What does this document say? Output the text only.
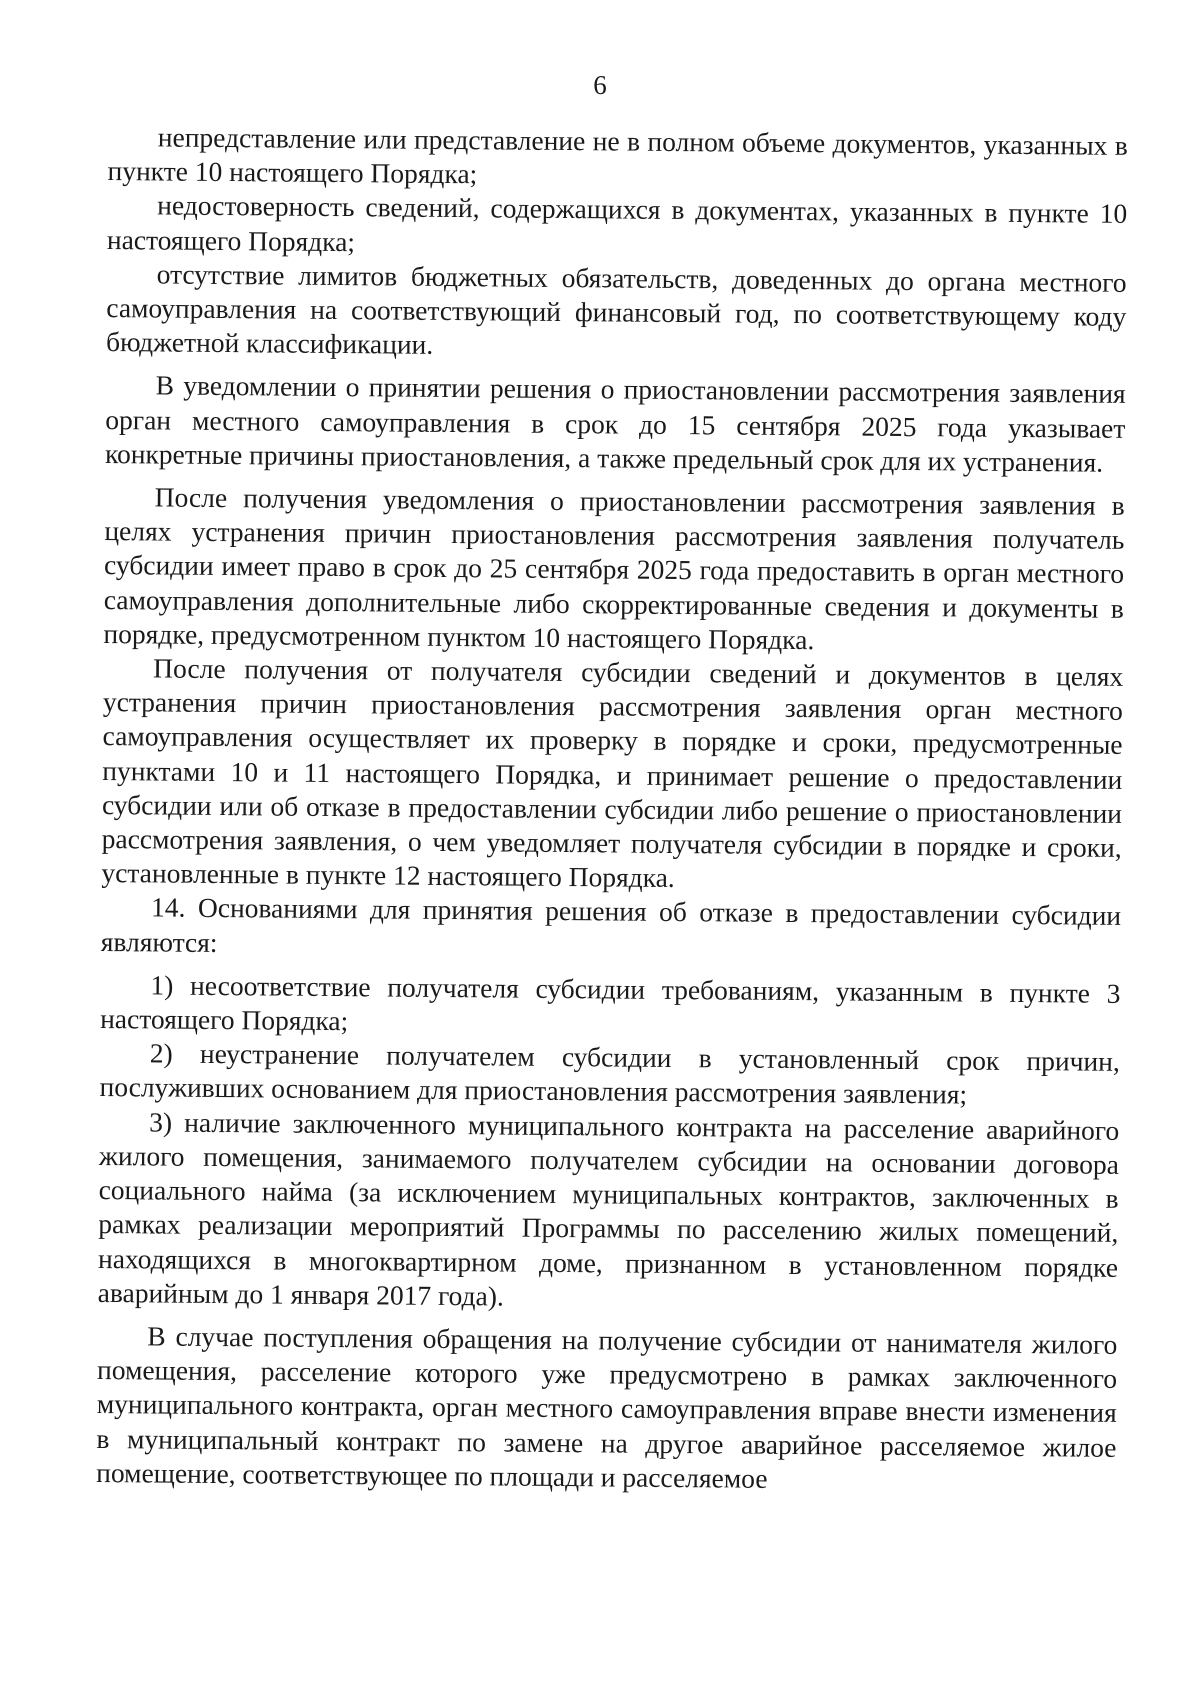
6

непредставление или представление не в полном объеме документов, указанных в пункте 10 настоящего Порядка;

недостоверность сведений, содержащихся в документах, указанных в пункте 10 настоящего Порядка;

отсутствие лимитов бюджетных обязательств, доведенных до органа местного самоуправления на соответствующий финансовый год, по соответствующему коду бюджетной классификации.

В уведомлении о принятии решения о приостановлении рассмотрения заявления орган местного самоуправления в срок до 15 сентября 2025 года указывает конкретные причины приостановления, а также предельный срок для их устранения.

После получения уведомления о приостановлении рассмотрения заявления в целях устранения причин приостановления рассмотрения заявления получатель субсидии имеет право в срок до 25 сентября 2025 года предоставить в орган местного самоуправления дополнительные либо скорректированные сведения и документы в порядке, предусмотренном пунктом 10 настоящего Порядка.

После получения от получателя субсидии сведений и документов в целях устранения причин приостановления рассмотрения заявления орган местного самоуправления осуществляет их проверку в порядке и сроки, предусмотренные пунктами 10 и 11 настоящего Порядка, и принимает решение о предоставлении субсидии или об отказе в предоставлении субсидии либо решение о приостановлении рассмотрения заявления, о чем уведомляет получателя субсидии в порядке и сроки, установленные в пункте 12 настоящего Порядка.

14. Основаниями для принятия решения об отказе в предоставлении субсидии являются:

1) несоответствие получателя субсидии требованиям, указанным в пункте 3 настоящего Порядка;

2) неустранение получателем субсидии в установленный срок причин, послуживших основанием для приостановления рассмотрения заявления;

3) наличие заключенного муниципального контракта на расселение аварийного жилого помещения, занимаемого получателем субсидии на основании договора социального найма (за исключением муниципальных контрактов, заключенных в рамках реализации мероприятий Программы по расселению жилых помещений, находящихся в многоквартирном доме, признанном в установленном порядке аварийным до 1 января 2017 года).

В случае поступления обращения на получение субсидии от нанимателя жилого помещения, расселение которого уже предусмотрено в рамках заключенного муниципального контракта, орган местного самоуправления вправе внести изменения в муниципальный контракт по замене на другое аварийное расселяемое жилое помещение, соответствующее по площади и расселяемое
